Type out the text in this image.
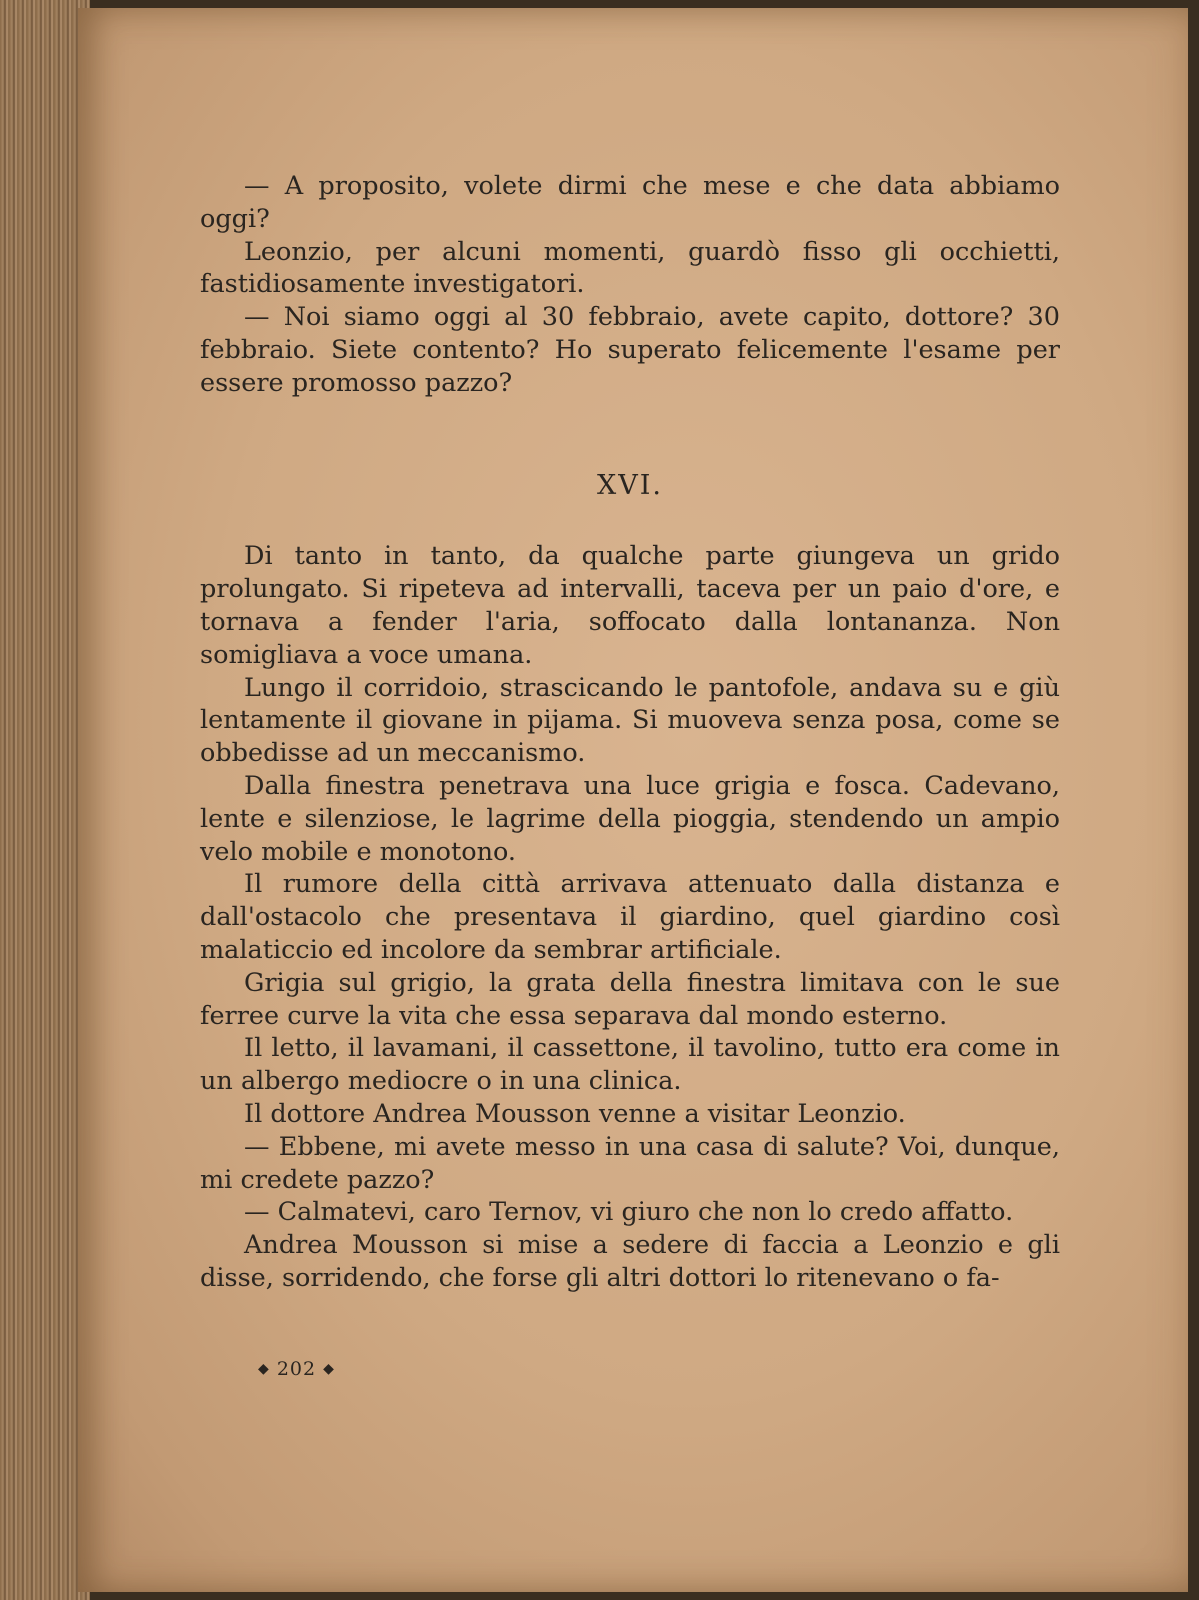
— A proposito, volete dirmi che mese e che data abbiamo oggi?

Leonzio, per alcuni momenti, guardò fisso gli occhietti, fastidiosamente investigatori.

— Noi siamo oggi al 30 febbraio, avete capito, dottore? 30 febbraio. Siete contento? Ho superato felicemente l'esame per essere promosso pazzo?

XVI.

Di tanto in tanto, da qualche parte giungeva un grido prolungato. Si ripeteva ad intervalli, taceva per un paio d'ore, e tornava a fender l'aria, soffocato dalla lontananza. Non somigliava a voce umana.

Lungo il corridoio, strascicando le pantofole, andava su e giù lentamente il giovane in pijama. Si muoveva senza posa, come se obbedisse ad un meccanismo.

Dalla finestra penetrava una luce grigia e fosca. Cadevano, lente e silenziose, le lagrime della pioggia, stendendo un ampio velo mobile e monotono.

Il rumore della città arrivava attenuato dalla distanza e dall'ostacolo che presentava il giardino, quel giardino così malaticcio ed incolore da sembrar artificiale.

Grigia sul grigio, la grata della finestra limitava con le sue ferree curve la vita che essa separava dal mondo esterno.

Il letto, il lavamani, il cassettone, il tavolino, tutto era come in un albergo mediocre o in una clinica.

Il dottore Andrea Mousson venne a visitar Leonzio.

— Ebbene, mi avete messo in una casa di salute? Voi, dunque, mi credete pazzo?

— Calmatevi, caro Ternov, vi giuro che non lo credo affatto.

Andrea Mousson si mise a sedere di faccia a Leonzio e gli disse, sorridendo, che forse gli altri dottori lo ritenevano o fa-

◆ 202 ◆
